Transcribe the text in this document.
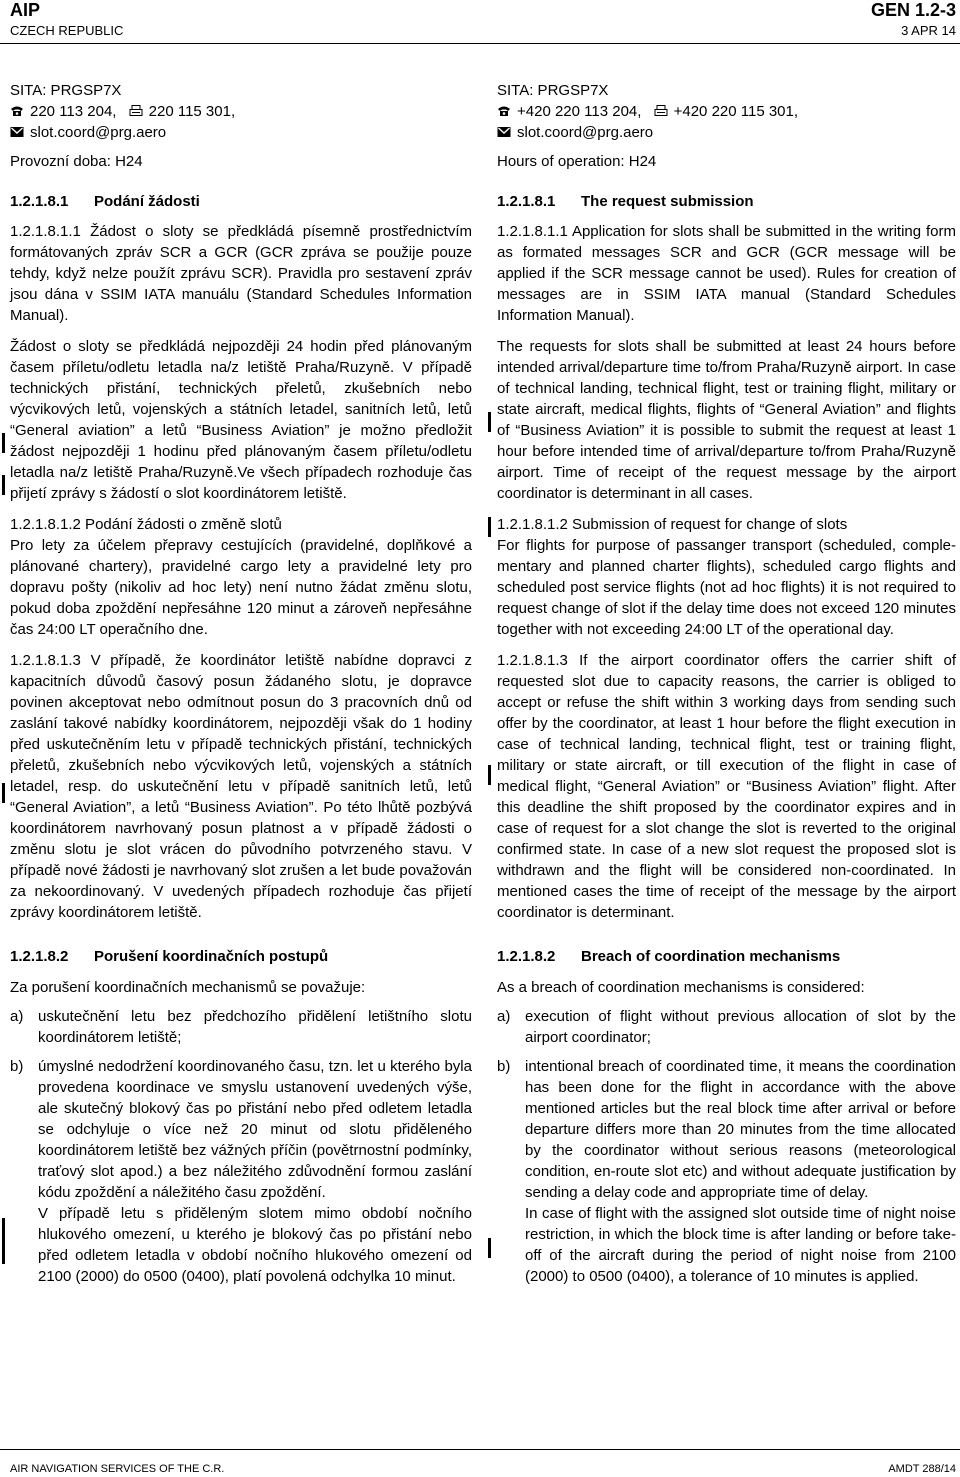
AIP
CZECH REPUBLIC
GEN 1.2-3
3 APR 14
SITA: PRGSP7X
220 113 204, 220 115 301,
slot.coord@prg.aero
Provozní doba: H24
1.2.1.8.1 Podání žádosti

1.2.1.8.1.1 Žádost o sloty se předkládá písemně prostřednictvím formátovaných zpráv SCR a GCR (GCR zpráva se použije pouze tehdy, když nelze použít zprávu SCR). Pravidla pro sestavení zpráv jsou dána v SSIM IATA manuálu (Standard Schedules Information Manual).

Žádost o sloty se předkládá nejpozději 24 hodin před plánovaným časem příletu/odletu letadla na/z letiště Praha/Ruzyně. V případě technických přistání, technických přeletů, zkušebních nebo výcvikových letů, vojenských a státních letadel, sanitních letů, letů “General aviation” a letů “Business Aviation” je možno předložit žádost nejpozději 1 hodinu před plánovaným časem příletu/odletu letadla na/z letiště Praha/Ruzyně.Ve všech případech rozhoduje čas přijetí zprávy s žádostí o slot koordinátorem letiště.

1.2.1.8.1.2 Podání žádosti o změně slotů

Pro lety za účelem přepravy cestujících (pravidelné, doplňkové a plánované chartery), pravidelné cargo lety a pravidelné lety pro dopravu pošty (nikoliv ad hoc lety) není nutno žádat změnu slotu, pokud doba zpoždění nepřesáhne 120 minut a zároveň nepřesáhne čas 24:00 LT operačního dne.

1.2.1.8.1.3 V případě, že koordinátor letiště nabídne dopravci z kapacitních důvodů časový posun žádaného slotu, je dopravce povinen akceptovat nebo odmítnout posun do 3 pracovních dnů od zaslání takové nabídky koordinátorem, nejpozději však do 1 hodiny před uskutečněním letu v případě technických přistání, technických přeletů, zkušebních nebo výcvikových letů, vojenských a státních letadel, resp. do uskutečnění letu v případě sanitních letů, letů “General Aviation”, a letů “Business Aviation”. Po této lhůtě pozbývá koordinátorem navrhovaný posun platnost a v případě žádosti o změnu slotu je slot vrácen do původního potvrzeného stavu. V případě nové žádosti je navrhovaný slot zrušen a let bude považován za nekoordinovaný. V uvedených případech rozhoduje čas přijetí zprávy koordinátorem letiště.

1.2.1.8.2 Porušení koordinačních postupů

Za porušení koordinačních mechanismů se považuje:

a) uskutečnění letu bez předchozího přidělení letištního slotu koordinátorem letiště;
b) úmyslné nedodržení koordinovaného času, tzn. let u kterého byla provedena koordinace ve smyslu ustanovení uvedených výše, ale skutečný blokový čas po přistání nebo před odletem letadla se odchyluje o více než 20 minut od slotu přiděleného koordinátorem letiště bez vážných příčin (povětrnostní podmínky, traťový slot apod.) a bez náležitého zdůvodnění formou zaslání kódu zpoždění a náležitého času zpoždění.
V případě letu s přiděleným slotem mimo období nočního hlukového omezení, u kterého je blokový čas po přistání nebo před odletem letadla v období nočního hlukového omezení od 2100 (2000) do 0500 (0400), platí povolená odchylka 10 minut.
SITA: PRGSP7X
+420 220 113 204, +420 220 115 301,
slot.coord@prg.aero
Hours of operation: H24
1.2.1.8.1 The request submission

1.2.1.8.1.1 Application for slots shall be submitted in the writing form as formated messages SCR and GCR (GCR message will be applied if the SCR message cannot be used). Rules for creation of messages are in SSIM IATA manual (Standard Schedules Information Manual).

The requests for slots shall be submitted at least 24 hours before intended arrival/departure time to/from Praha/Ruzyně airport. In case of technical landing, technical flight, test or training flight, military or state aircraft, medical flights, flights of “General Aviation” and flights of “Business Aviation” it is possible to submit the request at least 1 hour before intended time of arrival/departure to/from Praha/Ruzyně airport. Time of receipt of the request message by the airport coordinator is determinant in all cases.

1.2.1.8.1.2 Submission of request for change of slots

For flights for purpose of passanger transport (scheduled, comple-mentary and planned charter flights), scheduled cargo flights and scheduled post service flights (not ad hoc flights) it is not required to request change of slot if the delay time does not exceed 120 minutes together with not exceeding 24:00 LT of the operational day.

1.2.1.8.1.3 If the airport coordinator offers the carrier shift of requested slot due to capacity reasons, the carrier is obliged to accept or refuse the shift within 3 working days from sending such offer by the coordinator, at least 1 hour before the flight execution in case of technical landing, technical flight, test or training flight, military or state aircraft, or till execution of the flight in case of medical flight, “General Aviation” or “Business Aviation” flight. After this deadline the shift proposed by the coordinator expires and in case of request for a slot change the slot is reverted to the original confirmed state. In case of a new slot request the proposed slot is withdrawn and the flight will be considered non-coordinated. In mentioned cases the time of receipt of the message by the airport coordinator is determinant.

1.2.1.8.2 Breach of coordination mechanisms

As a breach of coordination mechanisms is considered:

a) execution of flight without previous allocation of slot by the airport coordinator;
b) intentional breach of coordinated time, it means the coordination has been done for the flight in accordance with the above mentioned articles but the real block time after arrival or before departure differs more than 20 minutes from the time allocated by the coordinator without serious reasons (meteorological condition, en-route slot etc) and without adequate justification by sending a delay code and appropriate time of delay.
In case of flight with the assigned slot outside time of night noise restriction, in which the block time is after landing or before take-off of the aircraft during the period of night noise from 2100 (2000) to 0500 (0400), a tolerance of 10 minutes is applied.
AIR NAVIGATION SERVICES OF THE C.R.	AMDT 288/14
